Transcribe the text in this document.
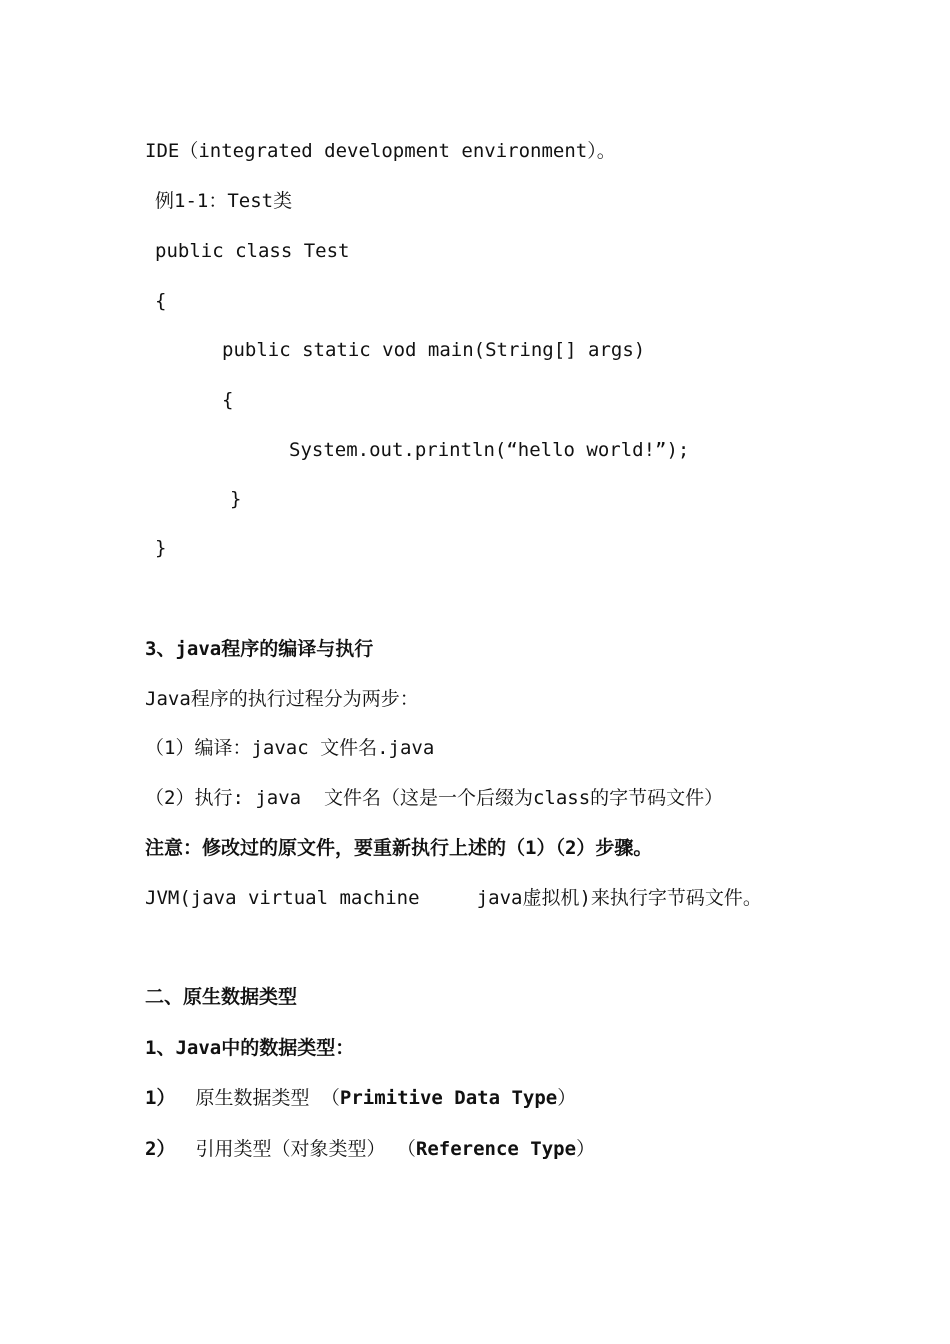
IDE（integrated development environment）。
例1-1：Test类
public class Test
{
public static vod main(String[] args)
{
System.out.println(“hello world!”);
}
}
3、java程序的编译与执行
Java程序的执行过程分为两步：
（1）编译：javac 文件名.java
（2）执行: java  文件名（这是一个后缀为class的字节码文件）
注意：修改过的原文件，要重新执行上述的（1）（2）步骤。
JVM(java virtual machine     java虚拟机)来执行字节码文件。
二、原生数据类型
1、Java中的数据类型：
1） 原生数据类型 （Primitive Data Type）
2） 引用类型（对象类型） （Reference Type）
